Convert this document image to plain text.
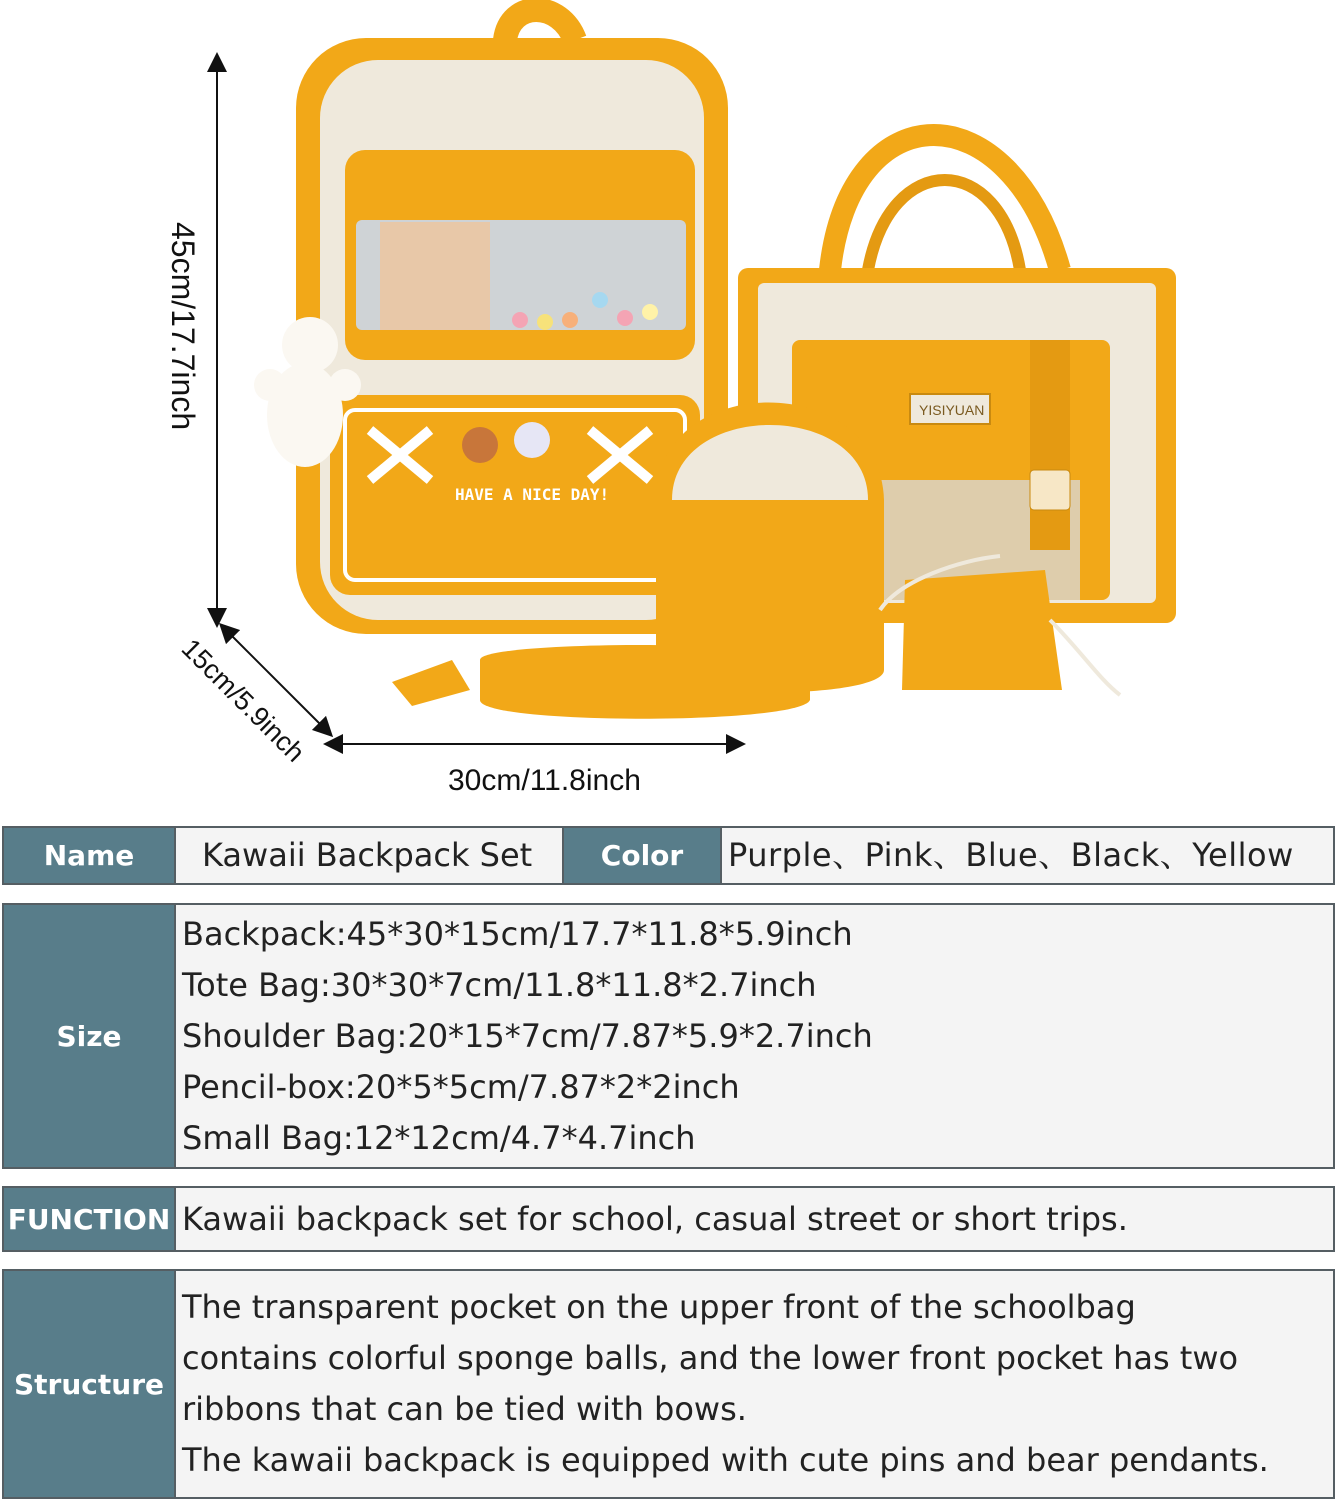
45cm/17.7inch
15cm/5.9inch
30cm/11.8inch
YISIYUAN
HAVE A NICE DAY!
Name	Kawaii Backpack Set	Color	Purple、Pink、Blue、Black、Yellow
Size	
Backpack:45*30*15cm/17.7*11.8*5.9inch
Tote Bag:30*30*7cm/11.8*11.8*2.7inch
Shoulder Bag:20*15*7cm/7.87*5.9*2.7inch
Pencil-box:20*5*5cm/7.87*2*2inch
Small Bag:12*12cm/4.7*4.7inch
FUNCTION	Kawaii backpack set for school, casual street or short trips.
Structure	
The transparent pocket on the upper front of the schoolbag
contains colorful sponge balls, and the lower front pocket has two
ribbons that can be tied with bows.
The kawaii backpack is equipped with cute pins and bear pendants.
